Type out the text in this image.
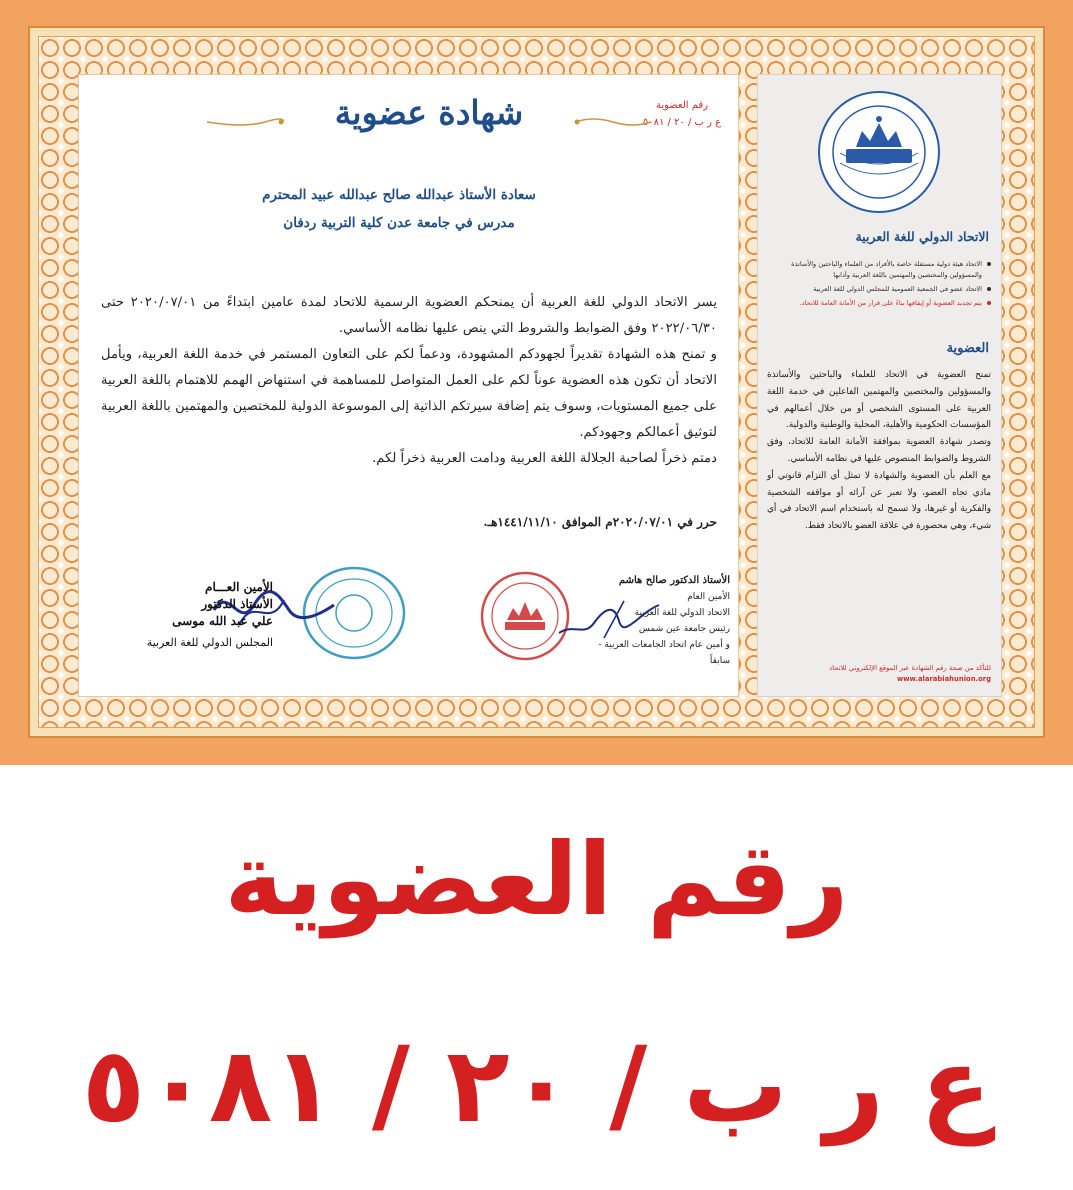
رقم العضوية
ع ر ب / ٢٠ / ٥٠٨١
شهادة عضوية
سعادة الأستاذ عبدالله صالح عبدالله عبيد المحترم
مدرس في جامعة عدن كلية التربية ردفان

يسر الاتحاد الدولي للغة العربية أن يمنحكم العضوية الرسمية للاتحاد لمدة عامين ابتداءً من ٢٠٢٠/٠٧/٠١ حتى ٢٠٢٢/٠٦/٣٠ وفق الضوابط والشروط التي ينص عليها نظامه الأساسي.

و تمنح هذه الشهادة تقديراً لجهودكم المشهودة، ودعماً لكم على التعاون المستمر في خدمة اللغة العربية، ويأمل الاتحاد أن تكون هذه العضوية عوناً لكم على العمل المتواصل للمساهمة في استنهاض الهمم للاهتمام باللغة العربية على جميع المستويات، وسوف يتم إضافة سيرتكم الذاتية إلى الموسوعة الدولية للمختصين والمهتمين باللغة العربية لتوثيق أعمالكم وجهودكم.

دمتم ذخراً لصاحبة الجلالة اللغة العربية ودامت العربية ذخراً لكم.

حرر في ٢٠٢٠/٠٧/٠١م الموافق ١٤٤١/١١/١٠هـ.
الأستاذ الدكتور صالح هاشم
الأمين العام
الاتحاد الدولي للغة العربية
رئيس جامعة عين شمس
و أمين عام اتحاد الجامعات العربية - سابقاً
الأمين العـــام
الأستاذ الدكتور
علي عبد الله موسى
المجلس الدولي للغة العربية
الاتحاد الدولي للغة العربية
الاتحاد هيئة دولية مستقلة خاصة بالأفراد من العلماء والباحثين والأساتذة والمسؤولين والمختصين والمهتمين باللغة العربية وآدابها
الاتحاد عضو في الجمعية العمومية للمجلس الدولي للغة العربية
يتم تجديد العضوية أو إيقافها بناءً على قرار من الأمانة العامة للاتحاد.
العضوية

تمنح العضوية في الاتحاد للعلماء والباحثين والأساتذة والمسؤولين والمختصين والمهتمين الفاعلين في خدمة اللغة العربية على المستوى الشخصي أو من خلال أعمالهم في المؤسسات الحكومية والأهلية، المحلية والوطنية والدولية.

وتصدر شهادة العضوية بموافقة الأمانة العامة للاتحاد، وفق الشروط والضوابط المنصوص عليها في نظامه الأساسي.

مع العلم بأن العضوية والشهادة لا تمثل أي التزام قانوني أو مادي تجاه العضو، ولا تعبر عن آرائه أو مواقفه الشخصية والفكرية أو غيرها، ولا تسمح له باستخدام اسم الاتحاد في أي شيء، وهي محصورة في علاقة العضو بالاتحاد فقط.

للتأكد من صحة رقم الشهادة عبر الموقع الإلكتروني للاتحاد
www.alarabiahunion.org
رقم العضوية
ع ر ب / ٢٠ / ٥٠٨١
